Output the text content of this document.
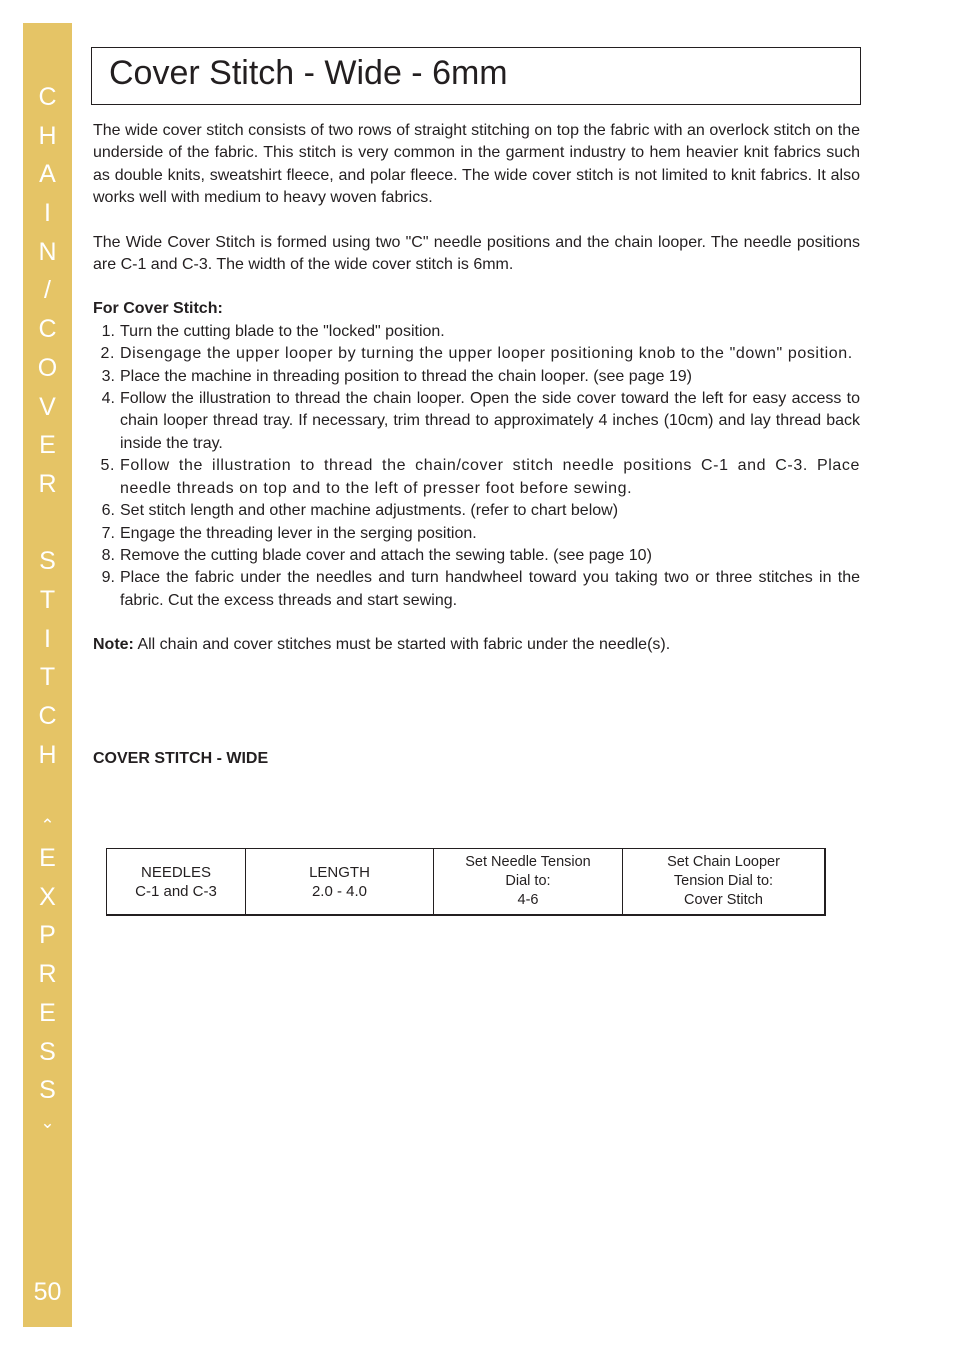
C
H
A
I
N
/
C
O
V
E
R
S
T
I
T
C
H
⌃
E
X
P
R
E
S
S
⌄
50
Cover Stitch - Wide - 6mm

The wide cover stitch consists of two rows of straight stitching on top the fabric with an overlock stitch on the underside of the fabric. This stitch is very common in the garment industry to hem heavier knit fabrics such as double knits, sweatshirt fleece, and polar fleece. The wide cover stitch is not limited to knit fabrics. It also works well with medium to heavy woven fabrics.

The Wide Cover Stitch is formed using two "C" needle positions and the chain looper. The needle positions are C-1 and C-3. The width of the wide cover stitch is 6mm.

For Cover Stitch:

1. Turn the cutting blade to the "locked" position.
2. Disengage the upper looper by turning the upper looper positioning knob to the "down" position.
3. Place the machine in threading position to thread the chain looper. (see page 19)
4. Follow the illustration to thread the chain looper. Open the side cover toward the left for easy access to chain looper thread tray. If necessary, trim thread to approximately 4 inches (10cm) and lay thread back inside the tray.
5. Follow the illustration to thread the chain/cover stitch needle positions C-1 and C-3. Place needle threads on top and to the left of presser foot before sewing.
6. Set stitch length and other machine adjustments. (refer to chart below)
7. Engage the threading lever in the serging position.
8. Remove the cutting blade cover and attach the sewing table. (see page 10)
9. Place the fabric under the needles and turn handwheel toward you taking two or three stitches in the fabric. Cut the excess threads and start sewing.

Note: All chain and cover stitches must be started with fabric under the needle(s).

COVER STITCH - WIDE
NEEDLES
C-1 and C-3
LENGTH
2.0 - 4.0
Set Needle Tension
Dial to:
4-6
Set Chain Looper
Tension Dial to:
Cover Stitch
